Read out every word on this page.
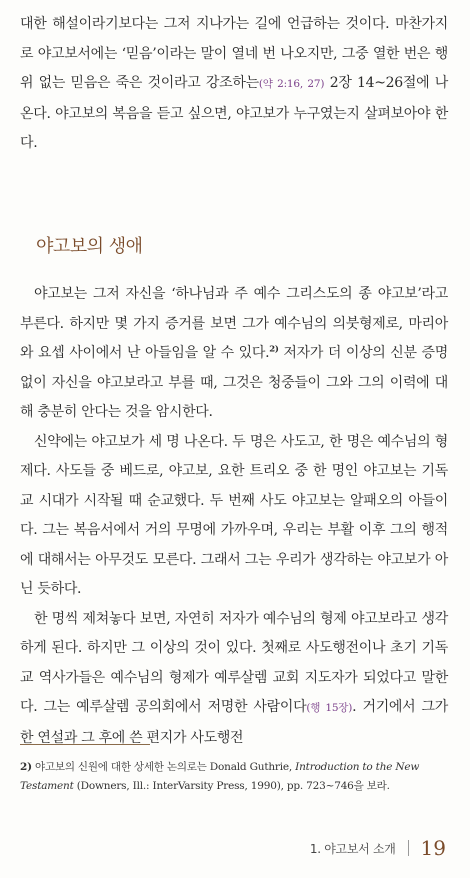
대한 해설이라기보다는 그저 지나가는 길에 언급하는 것이다. 마찬가지로 야고보서에는 ‘믿음’이라는 말이 열네 번 나오지만, 그중 열한 번은 행위 없는 믿음은 죽은 것이라고 강조하는(약 2:16, 27) 2장 14~26절에 나온다. 야고보의 복음을 듣고 싶으면, 야고보가 누구였는지 살펴보아야 한다.

야고보의 생애

야고보는 그저 자신을 ‘하나님과 주 예수 그리스도의 종 야고보’라고 부른다. 하지만 몇 가지 증거를 보면 그가 예수님의 의붓형제로, 마리아와 요셉 사이에서 난 아들임을 알 수 있다.$^{2)}$ 저자가 더 이상의 신분 증명 없이 자신을 야고보라고 부를 때, 그것은 청중들이 그와 그의 이력에 대해 충분히 안다는 것을 암시한다.

신약에는 야고보가 세 명 나온다. 두 명은 사도고, 한 명은 예수님의 형제다. 사도들 중 베드로, 야고보, 요한 트리오 중 한 명인 야고보는 기독교 시대가 시작될 때 순교했다. 두 번째 사도 야고보는 알패오의 아들이다. 그는 복음서에서 거의 무명에 가까우며, 우리는 부활 이후 그의 행적에 대해서는 아무것도 모른다. 그래서 그는 우리가 생각하는 야고보가 아닌 듯하다.

한 명씩 제쳐놓다 보면, 자연히 저자가 예수님의 형제 야고보라고 생각하게 된다. 하지만 그 이상의 것이 있다. 첫째로 사도행전이나 초기 기독교 역사가들은 예수님의 형제가 예루살렘 교회 지도자가 되었다고 말한다. 그는 예루살렘 공의회에서 저명한 사람이다(행 15장). 거기에서 그가 한 연설과 그 후에 쓴 편지가 사도행전

2) 야고보의 신원에 대한 상세한 논의로는 Donald Guthrie, Introduction to the New Testament (Downers, Ill.: InterVarsity Press, 1990), pp. 723~746을 보라.
1. 야고보서 소개 19
